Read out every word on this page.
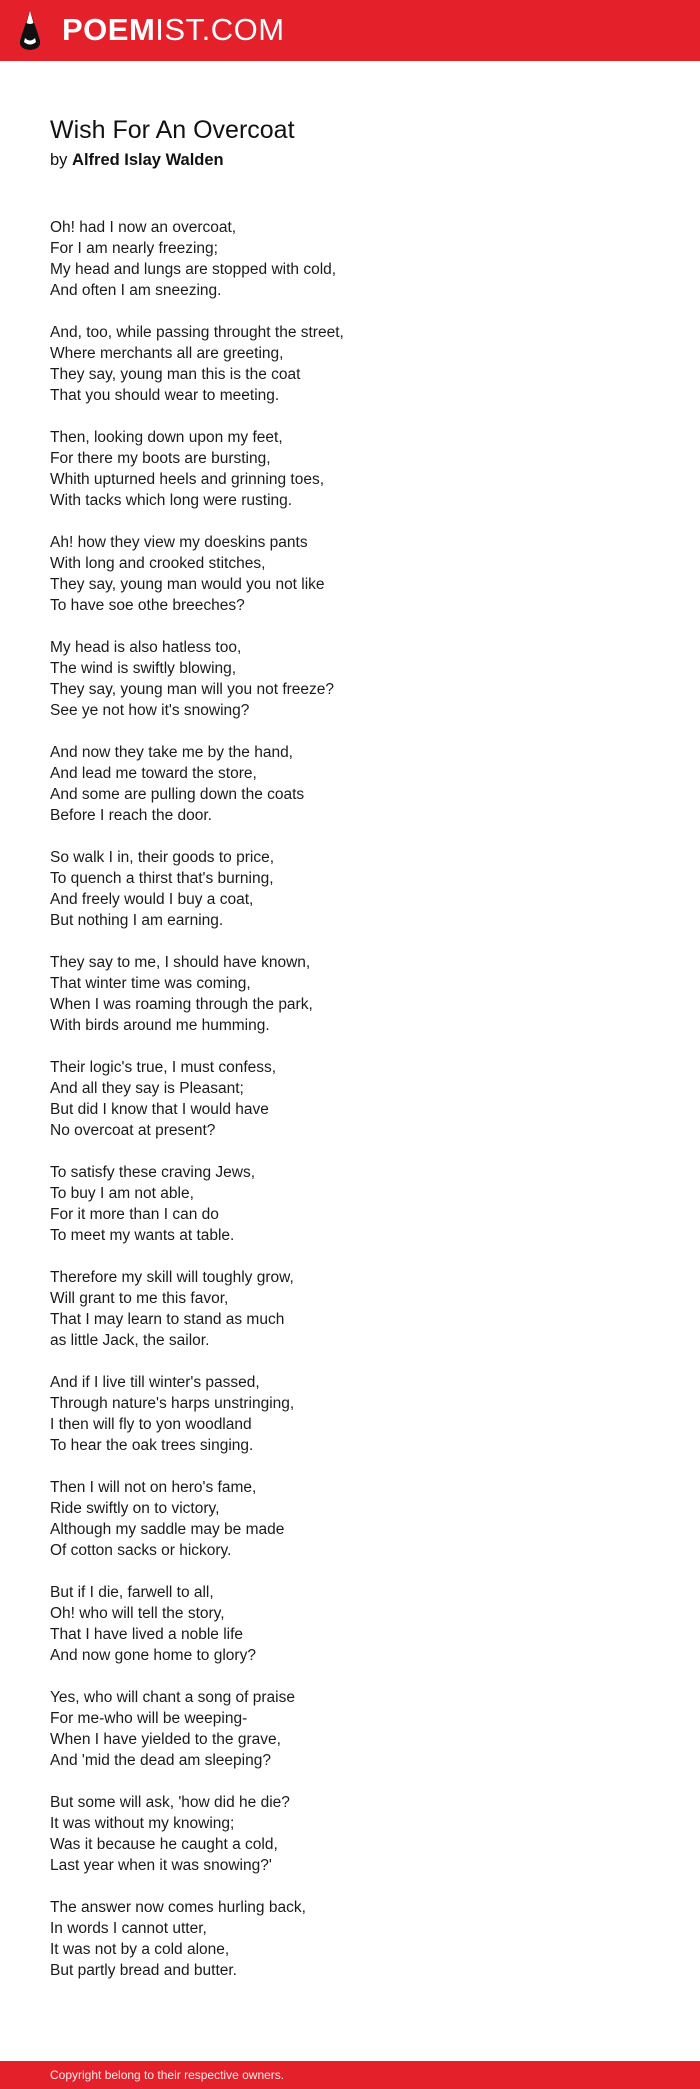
POEMIST.COM
Wish For An Overcoat
by Alfred Islay Walden
Oh! had I now an overcoat,
For I am nearly freezing;
My head and lungs are stopped with cold,
And often I am sneezing.
And, too, while passing throught the street,
Where merchants all are greeting,
They say, young man this is the coat
That you should wear to meeting.
Then, looking down upon my feet,
For there my boots are bursting,
Whith upturned heels and grinning toes,
With tacks which long were rusting.
Ah! how they view my doeskins pants
With long and crooked stitches,
They say, young man would you not like
To have soe othe breeches?
My head is also hatless too,
The wind is swiftly blowing,
They say, young man will you not freeze?
See ye not how it's snowing?
And now they take me by the hand,
And lead me toward the store,
And some are pulling down the coats
Before I reach the door.
So walk I in, their goods to price,
To quench a thirst that's burning,
And freely would I buy a coat,
But nothing I am earning.
They say to me, I should have known,
That winter time was coming,
When I was roaming through the park,
With birds around me humming.
Their logic's true, I must confess,
And all they say is Pleasant;
But did I know that I would have
No overcoat at present?
To satisfy these craving Jews,
To buy I am not able,
For it more than I can do
To meet my wants at table.
Therefore my skill will toughly grow,
Will grant to me this favor,
That I may learn to stand as much
as little Jack, the sailor.
And if I live till winter's passed,
Through nature's harps unstringing,
I then will fly to yon woodland
To hear the oak trees singing.
Then I will not on hero's fame,
Ride swiftly on to victory,
Although my saddle may be made
Of cotton sacks or hickory.
But if I die, farwell to all,
Oh! who will tell the story,
That I have lived a noble life
And now gone home to glory?
Yes, who will chant a song of praise
For me-who will be weeping-
When I have yielded to the grave,
And 'mid the dead am sleeping?
But some will ask, 'how did he die?
It was without my knowing;
Was it because he caught a cold,
Last year when it was snowing?'
The answer now comes hurling back,
In words I cannot utter,
It was not by a cold alone,
But partly bread and butter.
Copyright belong to their respective owners.
